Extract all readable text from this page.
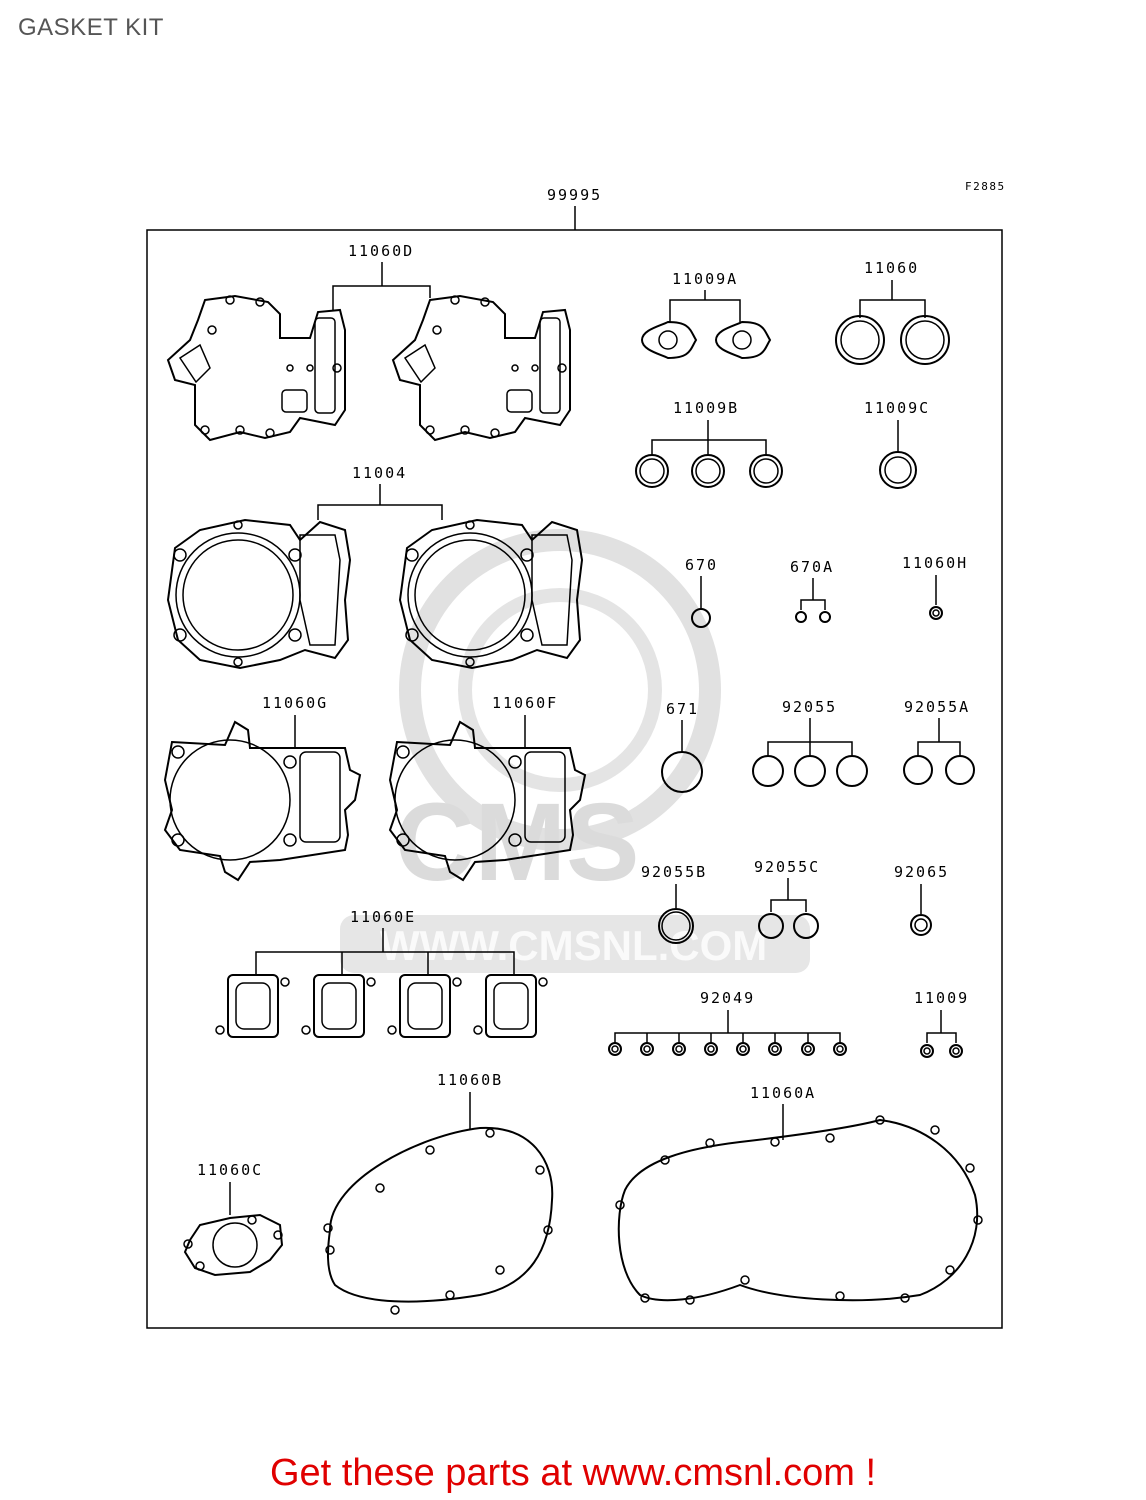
GASKET KIT
CMS
WWW.CMSNL.COM
F2885
99995
11060D
11004
11060G	11060F
11060E
11060B
11060C
11060A
11009A
11060
11009B	11009C
670	670A	11060H
671	92055	92055A
92055B	92055C	92065
92049	11009
Get these parts at www.cmsnl.com !
